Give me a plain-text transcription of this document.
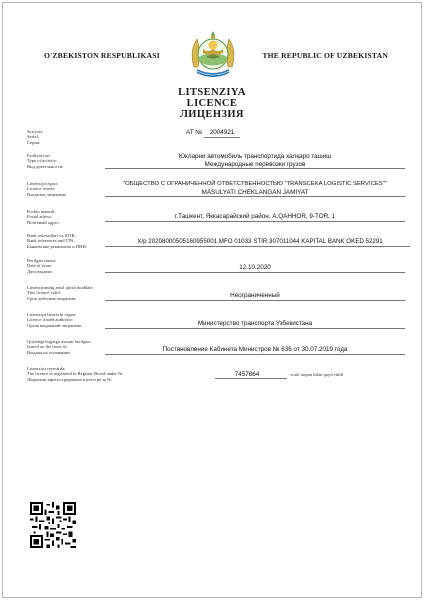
O'ZBEKISTON RESPUBLIKASI	THE REPUBLIC OF UZBEKISTAN
LITSENZIYA
LICENCE
ЛИЦЕНЗИЯ
Seriyasi:
Serial:
Серия:
AT №	2004921
Faoliyat turi:
Type of activity:
Вид деятельности:
Юкларни автомобиль транспортида халқаро ташиш
Международные перевозки грузов
Litsenziya egasi:
Licence owner:
Владелец лицензии:
"ОБЩЕСТВО С ОГРАНИЧЕННОЙ ОТВЕТСТВЕННОСТЬЮ "TRANSCEKA LOGISTIC SERVICES""
MASULYATI CHEKLANGAN JAMIYAT
Pochta manzili:
Postal adress:
Почтовый адрес:
г.Ташкент, Яккасарайский район, A.QAHHOR, 9-TOR, 1
Bank rekvizitlari va STIR:
Bank references and TIN:
Банковские реквизиты и ИНН:
Х/р 20208000505160955001 MFO 01033 STIR 307011044 KAPITAL BANK OKED 52291
Berilgan sanasi:
Date of issue:
Дата выдачи:
12.10.2020
Litsenziyaning amal qilish muddati:
This licence valid:
Срок действия лицензии:	Неограниченный
Litsenziya beruvchi organ:
Licence issued authority:
Орган выдавший лицензию:	Министерство транспорта Узбекистана
Quyidagi hujjatga asosan berilgan:
Issued on the basis of:
Выдана на основании:	Постановление Кабинета Министров № 636 от 30.07.2019 года
Litsenziya reyestrda:
The licence is registered in Register Board under №:
Лицензия зарегистрирована в реестре за №
7457864	-sonli raqam bilan qayd etildi
